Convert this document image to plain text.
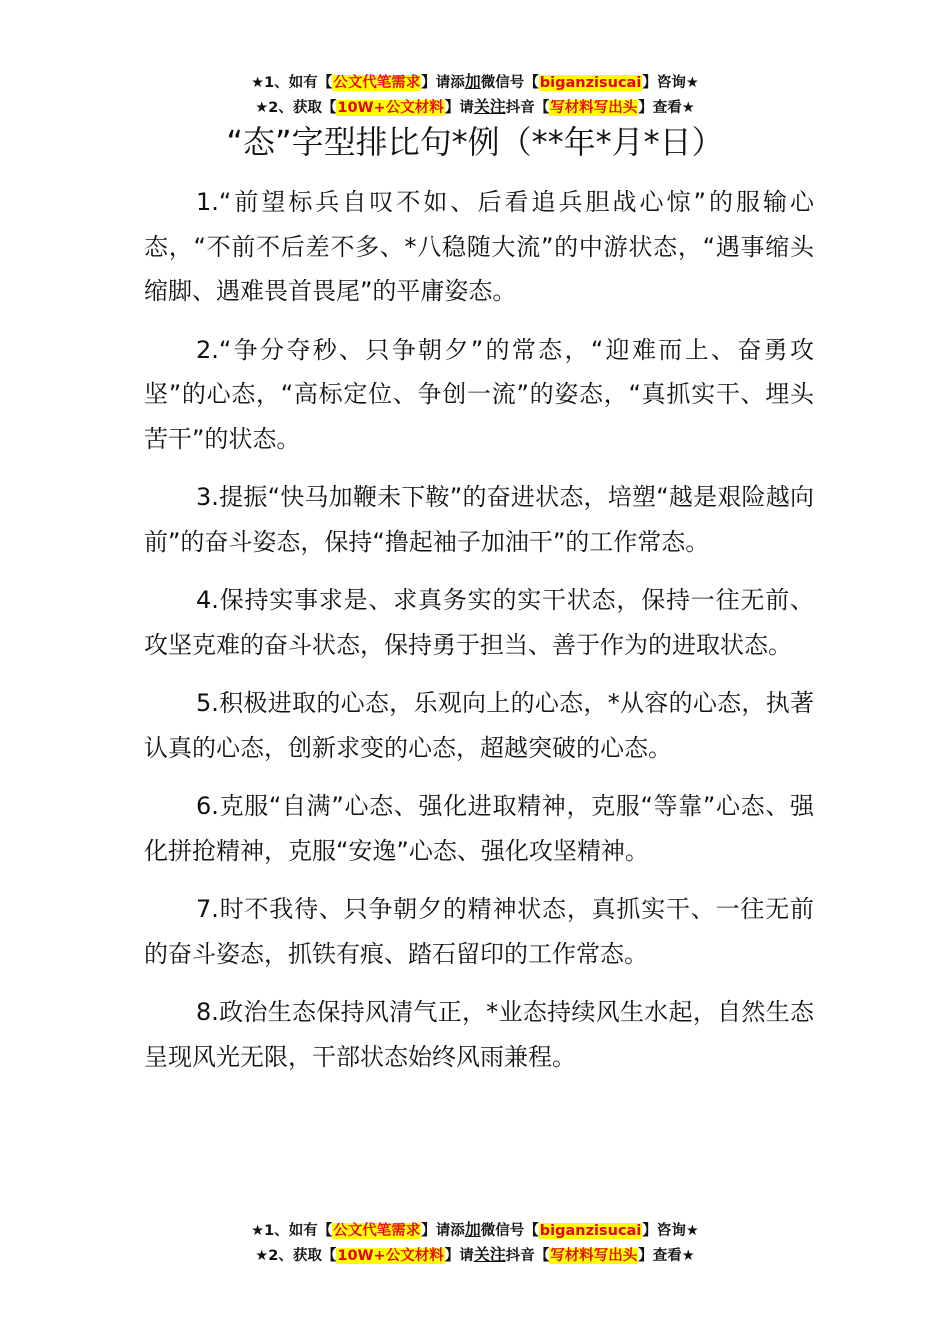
★1、如有【公文代笔需求】请添加微信号【biganzisucai】咨询★
★2、获取【10W+公文材料】请关注抖音【写材料写出头】查看★
“态”字型排比句*例（**年*月*日）

1.“前望标兵自叹不如、后看追兵胆战心惊”的服输心态，“不前不后差不多、*八稳随大流”的中游状态，“遇事缩头缩脚、遇难畏首畏尾”的平庸姿态。

2.“争分夺秒、只争朝夕”的常态，“迎难而上、奋勇攻坚”的心态，“高标定位、争创一流”的姿态，“真抓实干、埋头苦干”的状态。

3.提振“快马加鞭未下鞍”的奋进状态，培塑“越是艰险越向前”的奋斗姿态，保持“撸起袖子加油干”的工作常态。

4.保持实事求是、求真务实的实干状态，保持一往无前、攻坚克难的奋斗状态，保持勇于担当、善于作为的进取状态。

5.积极进取的心态，乐观向上的心态，*从容的心态，执著认真的心态，创新求变的心态，超越突破的心态。

6.克服“自满”心态、强化进取精神，克服“等靠”心态、强化拼抢精神，克服“安逸”心态、强化攻坚精神。

7.时不我待、只争朝夕的精神状态，真抓实干、一往无前的奋斗姿态，抓铁有痕、踏石留印的工作常态。

8.政治生态保持风清气正，*业态持续风生水起，自然生态呈现风光无限，干部状态始终风雨兼程。

★1、如有【公文代笔需求】请添加微信号【biganzisucai】咨询★
★2、获取【10W+公文材料】请关注抖音【写材料写出头】查看★
